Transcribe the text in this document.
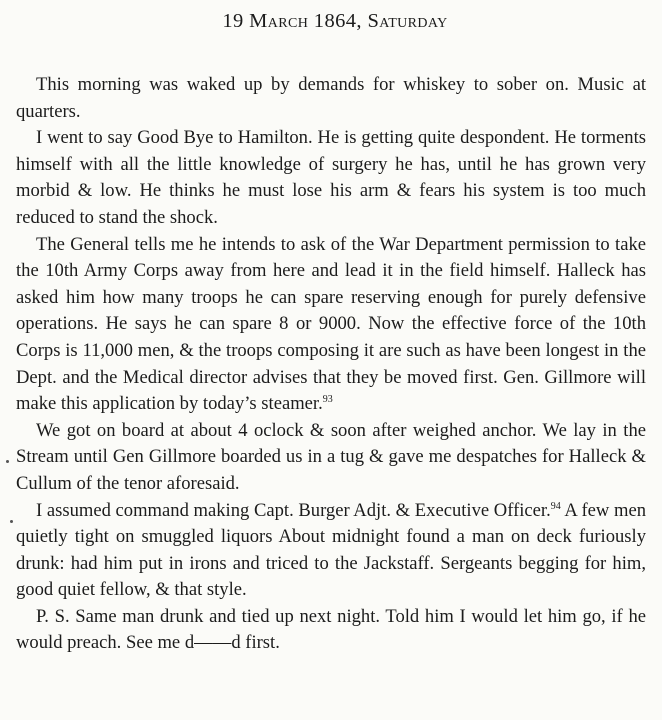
19 March 1864, Saturday

This morning was waked up by demands for whiskey to sober on. Music at quarters.

I went to say Good Bye to Hamilton. He is getting quite despondent. He torments himself with all the little knowledge of surgery he has, until he has grown very morbid & low. He thinks he must lose his arm & fears his system is too much reduced to stand the shock.

The General tells me he intends to ask of the War Department permission to take the 10th Army Corps away from here and lead it in the field himself. Halleck has asked him how many troops he can spare reserving enough for purely defensive operations. He says he can spare 8 or 9000. Now the effective force of the 10th Corps is 11,000 men, & the troops composing it are such as have been longest in the Dept. and the Medical director advises that they be moved first. Gen. Gillmore will make this application by today’s steamer.$^{93}$

We got on board at about 4 oclock & soon after weighed anchor. We lay in the Stream until Gen Gillmore boarded us in a tug & gave me despatches for Halleck & Cullum of the tenor aforesaid.

I assumed command making Capt. Burger Adjt. & Executive Officer.$^{94}$ A few men quietly tight on smuggled liquors About midnight found a man on deck furiously drunk: had him put in irons and triced to the Jackstaff. Sergeants begging for him, good quiet fellow, & that style.

P. S. Same man drunk and tied up next night. Told him I would let him go, if he would preach. See me d——d first.
